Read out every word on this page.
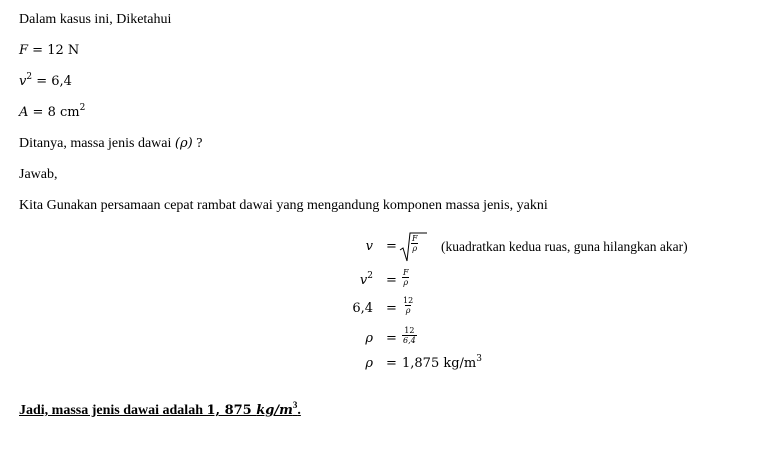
Dalam kasus ini, Diketahui
F = 12 N
$v^2 = 6,4$
A = 8 $cm^2$
Ditanya, massa jenis dawai (ρ) ?
Jawab,
Kita Gunakan persamaan cepat rambat dawai yang mengandung komponen massa jenis, yakni
$v = \frac{F}{\rho}$ (kuadratkan kedua ruas, guna hilangkan akar)
$v^2 = \frac{F}{\rho}$
$6,4 = \frac{12}{\rho}$
$\rho = \frac{12}{6,4}$
ρ = 1,875 $kg/m^3$
Jadi, massa jenis dawai adalah 1, 875 $kg/m^3$.
